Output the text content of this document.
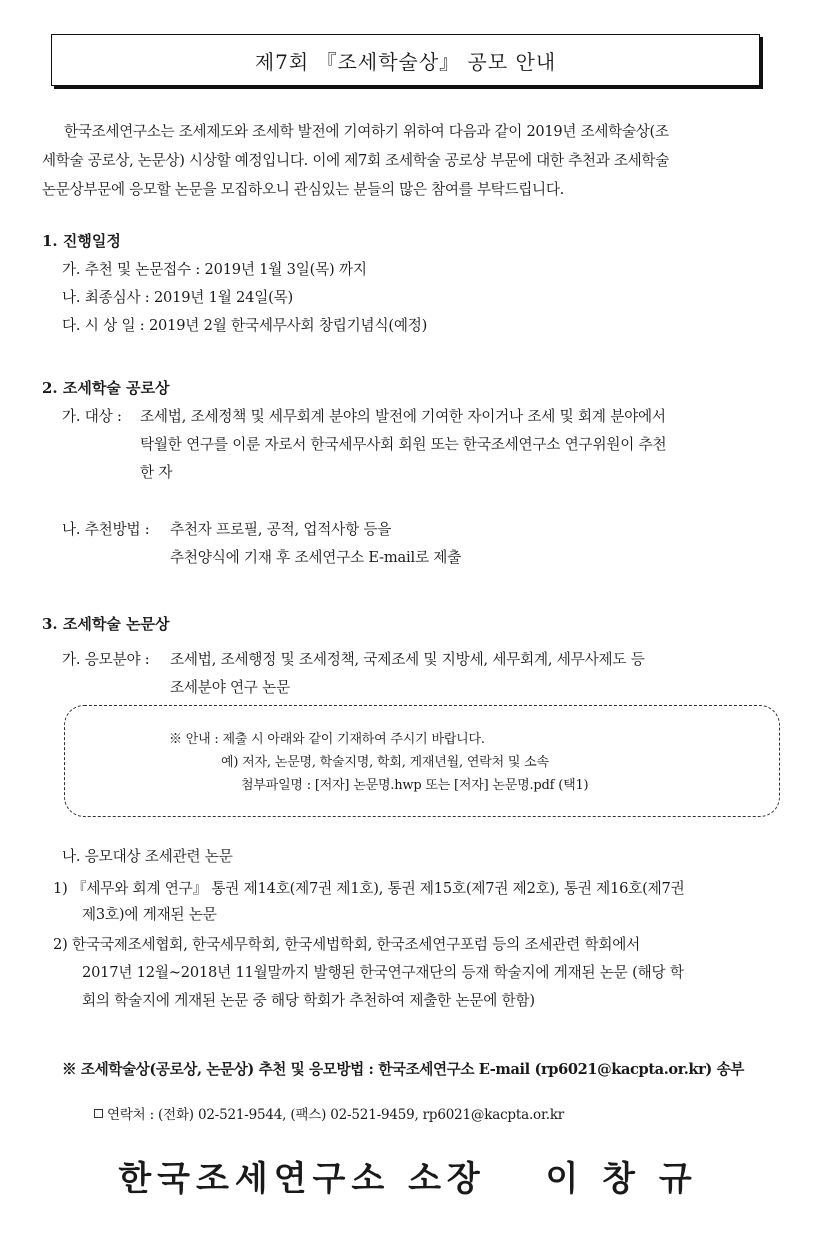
제7회 『조세학술상』 공모 안내
한국조세연구소는 조세제도와 조세학 발전에 기여하기 위하여 다음과 같이 2019년 조세학술상(조
세학술 공로상, 논문상) 시상할 예정입니다. 이에 제7회 조세학술 공로상 부문에 대한 추천과 조세학술
논문상부문에 응모할 논문을 모집하오니 관심있는 분들의 많은 참여를 부탁드립니다.
1. 진행일정
가. 추천 및 논문접수 : 2019년 1월 3일(목) 까지
나. 최종심사 : 2019년 1월 24일(목)
다. 시 상 일 : 2019년 2월 한국세무사회 창립기념식(예정)
2. 조세학술 공로상
가. 대상 : 조세법, 조세정책 및 세무회계 분야의 발전에 기여한 자이거나 조세 및 회계 분야에서
탁월한 연구를 이룬 자로서 한국세무사회 회원 또는 한국조세연구소 연구위원이 추천
한 자
나. 추천방법 : 추천자 프로필, 공적, 업적사항 등을
추천양식에 기재 후 조세연구소 E-mail로 제출
3. 조세학술 논문상
가. 응모분야 : 조세법, 조세행정 및 조세정책, 국제조세 및 지방세, 세무회계, 세무사제도 등
조세분야 연구 논문
※ 안내 : 제출 시 아래와 같이 기재하여 주시기 바랍니다.
예) 저자, 논문명, 학술지명, 학회, 게재년월, 연락처 및 소속
첨부파일명 : [저자] 논문명.hwp 또는 [저자] 논문명.pdf (택1)
나. 응모대상 조세관련 논문
1) 『세무와 회계 연구』 통권 제14호(제7권 제1호), 통권 제15호(제7권 제2호), 통권 제16호(제7권
제3호)에 게재된 논문
2) 한국국제조세협회, 한국세무학회, 한국세법학회, 한국조세연구포럼 등의 조세관련 학회에서
2017년 12월~2018년 11월말까지 발행된 한국연구재단의 등재 학술지에 게재된 논문 (해당 학
회의 학술지에 게재된 논문 중 해당 학회가 추천하여 제출한 논문에 한함)
※ 조세학술상(공로상, 논문상) 추천 및 응모방법 : 한국조세연구소 E-mail (rp6021@kacpta.or.kr) 송부
연락처 : (전화) 02-521-9544, (팩스) 02-521-9459, rp6021@kacpta.or.kr
한국조세연구소 소장 이 창 규
